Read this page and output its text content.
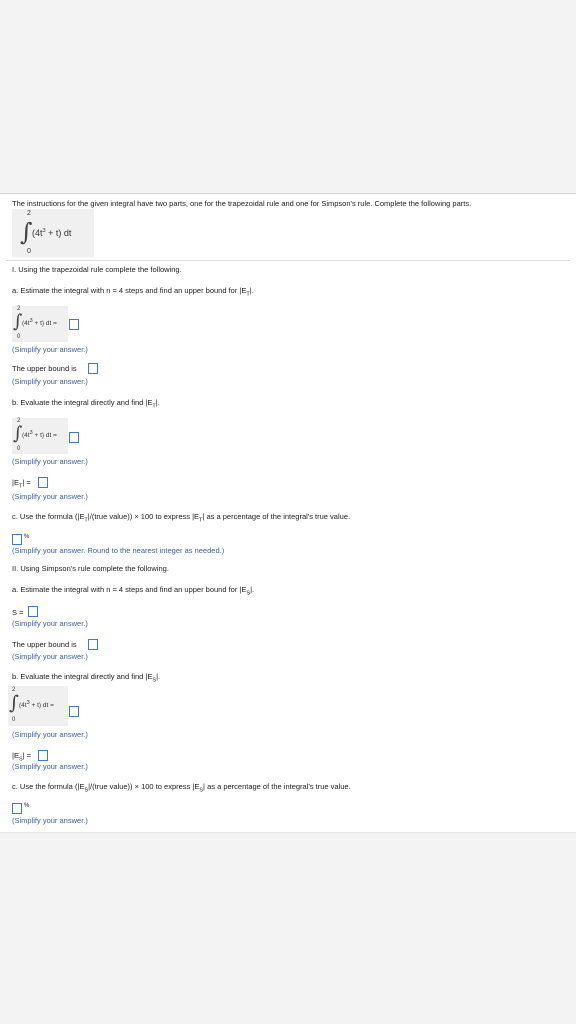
The instructions for the given integral have two parts, one for the trapezoidal rule and one for Simpson's rule. Complete the following parts.
2
∫ $(4t^3 + t)$ dt
0
I. Using the trapezoidal rule complete the following.
a. Estimate the integral with n = 4 steps and find an upper bound for $|E_T|$.
2
∫ $(4t^3 + t)$ dt =
0
(Simplify your answer.)
The upper bound is
(Simplify your answer.)
b. Evaluate the integral directly and find $|E_T|$.
2
∫ $(4t^3 + t)$ dt =
0
(Simplify your answer.)
$|E_T|$ =
(Simplify your answer.)
c. Use the formula ($|E_T|/(true$ value)) × 100 to express $|E_T|$ as a percentage of the integral's true value.
%
(Simplify your answer. Round to the nearest integer as needed.)
II. Using Simpson's rule complete the following.
a. Estimate the integral with n = 4 steps and find an upper bound for $|E_S|$.
S =
(Simplify your answer.)
The upper bound is
(Simplify your answer.)
b. Evaluate the integral directly and find $|E_S|$.
2
∫ $(4t^3 + t)$ dt =
0
(Simplify your answer.)
$|E_S|$ =
(Simplify your answer.)
c. Use the formula ($|E_S|/(true$ value)) × 100 to express $|E_S|$ as a percentage of the integral's true value.
%
(Simplify your answer.)
